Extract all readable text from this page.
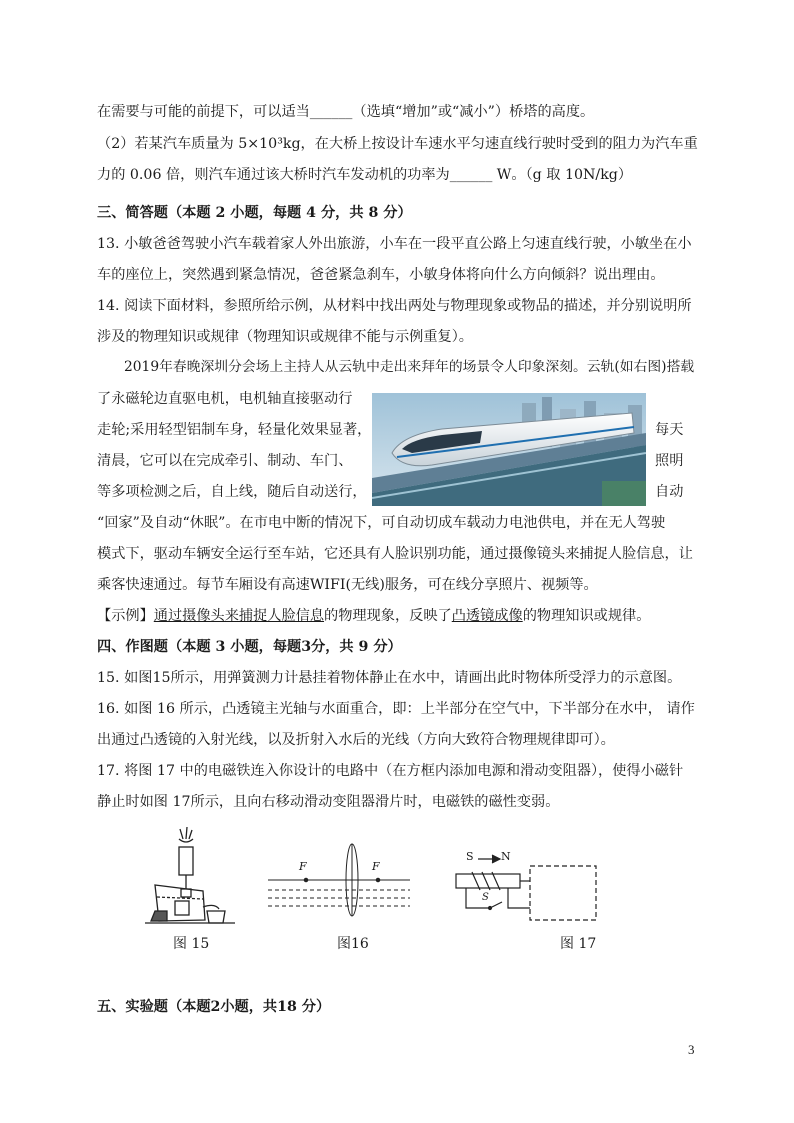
在需要与可能的前提下，可以适当______（选填“增加”或“减小”）桥塔的高度。
（2）若某汽车质量为 5×10³kg，在大桥上按设计车速水平匀速直线行驶时受到的阻力为汽车重
力的 0.06 倍，则汽车通过该大桥时汽车发动机的功率为______ W。（g 取 10N/kg）
三、简答题（本题 2 小题，每题 4 分，共 8 分）
13. 小敏爸爸驾驶小汽车载着家人外出旅游，小车在一段平直公路上匀速直线行驶，小敏坐在小
车的座位上，突然遇到紧急情况，爸爸紧急刹车，小敏身体将向什么方向倾斜？说出理由。
14. 阅读下面材料，参照所给示例，从材料中找出两处与物理现象或物品的描述，并分别说明所
涉及的物理知识或规律（物理知识或规律不能与示例重复）。
2019年春晚深圳分会场上主持人从云轨中走出来拜年的场景令人印象深刻。云轨(如右图)搭载
了永磁轮边直驱电机，电机轴直接驱动行
走轮;采用轻型铝制车身，轻量化效果显著，	每天
清晨，它可以在完成牵引、制动、车门、	照明
等多项检测之后，自上线，随后自动送行，	自动
“回家”及自动“休眠”。在市电中断的情况下，可自动切成车载动力电池供电，并在无人驾驶
模式下，驱动车辆安全运行至车站，它还具有人脸识别功能，通过摄像镜头来捕捉人脸信息，让
乘客快速通过。每节车厢设有高速WIFI(无线)服务，可在线分享照片、视频等。
【示例】通过摄像头来捕捉人脸信息的物理现象，反映了凸透镜成像的物理知识或规律。
四、作图题（本题 3 小题，每题3分，共 9 分）
15. 如图15所示，用弹簧测力计悬挂着物体静止在水中，请画出此时物体所受浮力的示意图。
16. 如图 16 所示，凸透镜主光轴与水面重合，即：上半部分在空气中，下半部分在水中， 请作
出通过凸透镜的入射光线，以及折射入水后的光线（方向大致符合物理规律即可）。
17. 将图 17 中的电磁铁连入你设计的电路中（在方框内添加电源和滑动变阻器），使得小磁针
静止时如图 17所示，且向右移动滑动变阻器滑片时，电磁铁的磁性变弱。
图 15
F	F
图16
S N
S
图 17
五、实验题（本题2小题，共18 分）
3
